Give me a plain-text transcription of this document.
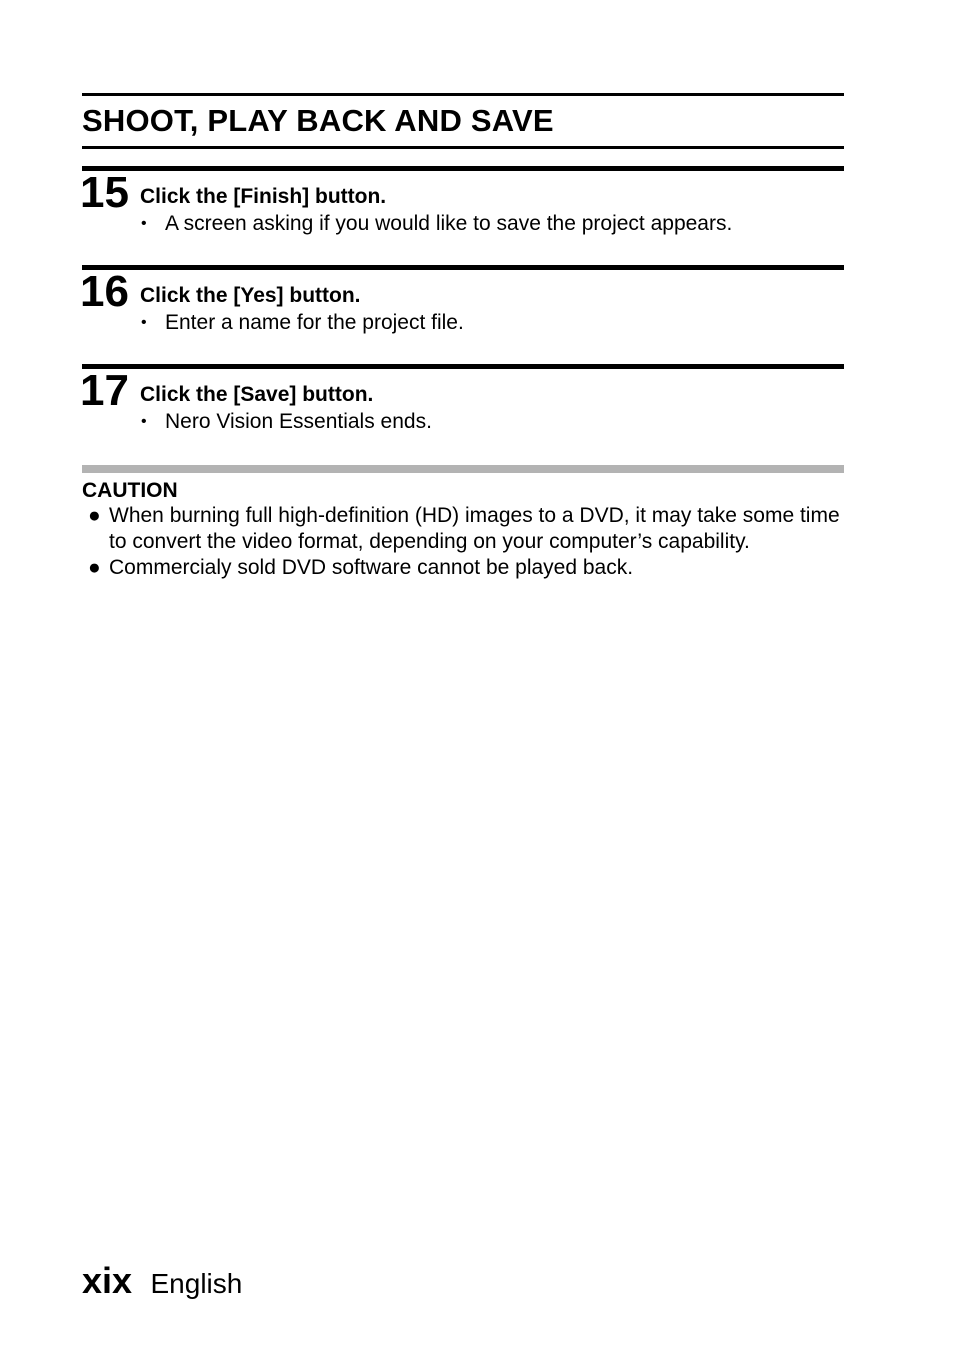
SHOOT, PLAY BACK AND SAVE
15 Click the [Finish] button.
• A screen asking if you would like to save the project appears.
16 Click the [Yes] button.
• Enter a name for the project file.
17 Click the [Save] button.
• Nero Vision Essentials ends.
CAUTION
● When burning full high-definition (HD) images to a DVD, it may take some time to convert the video format, depending on your computer’s capability.
● Commercialy sold DVD software cannot be played back.
xix English
